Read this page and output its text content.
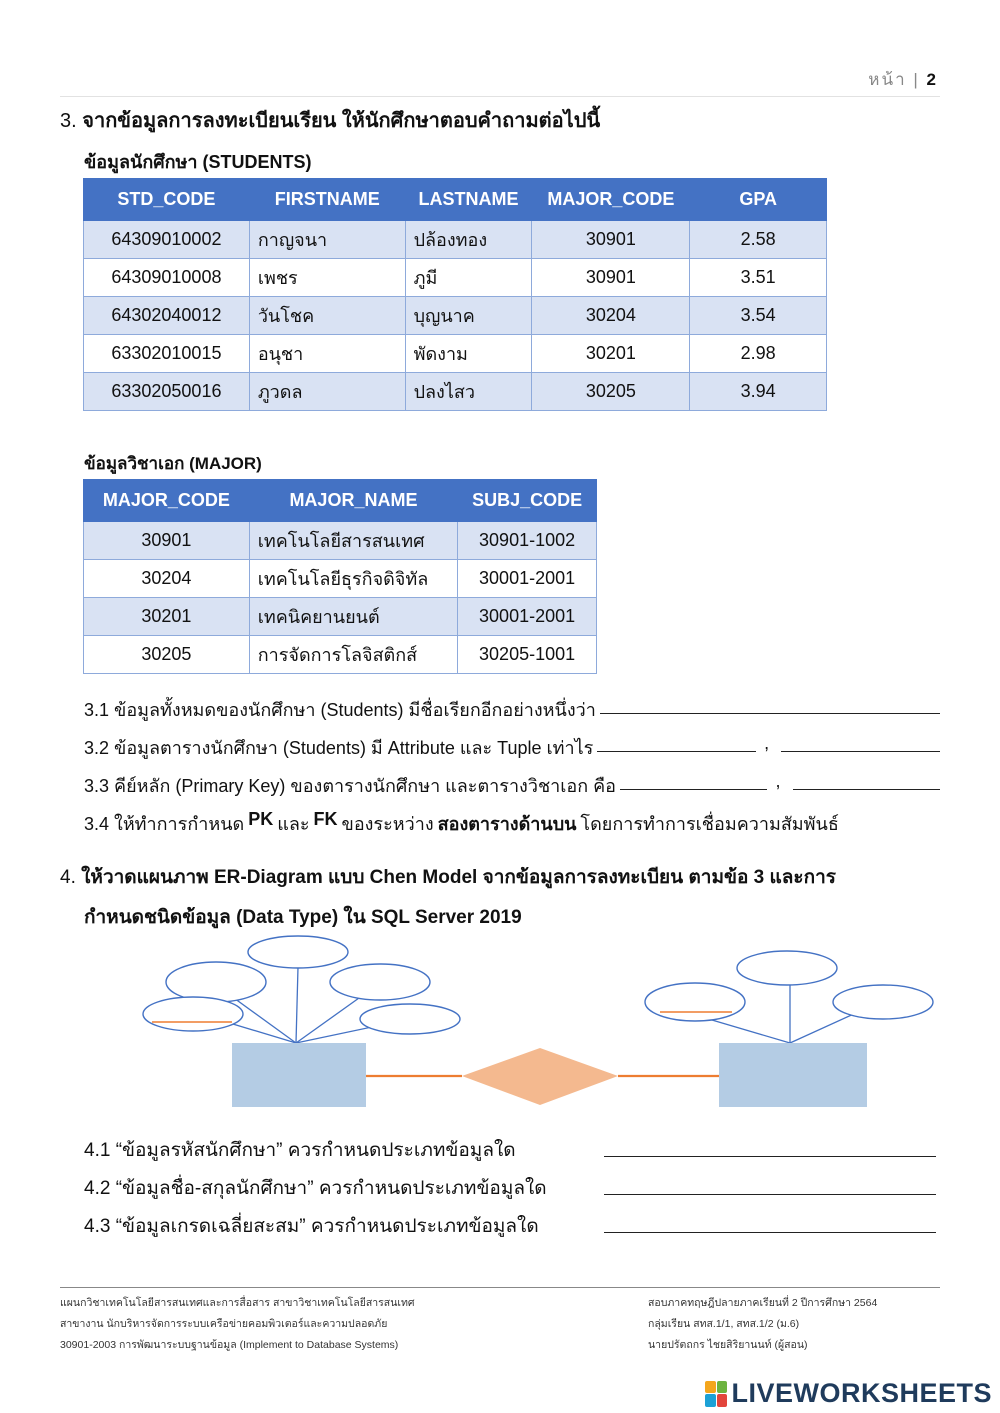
หน้า | 2
3. จากข้อมูลการลงทะเบียนเรียน ให้นักศึกษาตอบคำถามต่อไปนี้
ข้อมูลนักศึกษา (STUDENTS)
STD_CODE	FIRSTNAME	LASTNAME	MAJOR_CODE	GPA
64309010002	กาญจนา	ปล้องทอง	30901	2.58
64309010008	เพชร	ภูมี	30901	3.51
64302040012	วันโชค	บุญนาค	30204	3.54
63302010015	อนุชา	พัดงาม	30201	2.98
63302050016	ภูวดล	ปลงไสว	30205	3.94
ข้อมูลวิชาเอก (MAJOR)
MAJOR_CODE	MAJOR_NAME	SUBJ_CODE
30901	เทคโนโลยีสารสนเทศ	30901-1002
30204	เทคโนโลยีธุรกิจดิจิทัล	30001-2001
30201	เทคนิคยานยนต์	30001-2001
30205	การจัดการโลจิสติกส์	30205-1001
3.1 ข้อมูลทั้งหมดของนักศึกษา (Students) มีชื่อเรียกอีกอย่างหนึ่งว่า
3.2 ข้อมูลตารางนักศึกษา (Students) มี Attribute และ Tuple เท่าไร	,
3.3 คีย์หลัก (Primary Key) ของตารางนักศึกษา และตารางวิชาเอก คือ	,
3.4 ให้ทำการกำหนด PK และ FK ของระหว่าง สองตารางด้านบน โดยการทำการเชื่อมความสัมพันธ์
4. ให้วาดแผนภาพ ER-Diagram แบบ Chen Model จากข้อมูลการลงทะเบียน ตามข้อ 3 และการ
กำหนดชนิดข้อมูล (Data Type) ใน SQL Server 2019
4.1 “ข้อมูลรหัสนักศึกษา” ควรกำหนดประเภทข้อมูลใด
4.2 “ข้อมูลชื่อ-สกุลนักศึกษา” ควรกำหนดประเภทข้อมูลใด
4.3 “ข้อมูลเกรดเฉลี่ยสะสม” ควรกำหนดประเภทข้อมูลใด
แผนกวิชาเทคโนโลยีสารสนเทศและการสื่อสาร สาขาวิชาเทคโนโลยีสารสนเทศ
สาขางาน นักบริหารจัดการระบบเครือข่ายคอมพิวเตอร์และความปลอดภัย
30901-2003 การพัฒนาระบบฐานข้อมูล (Implement to Database Systems)
สอบภาคทฤษฎีปลายภาคเรียนที่ 2 ปีการศึกษา 2564
กลุ่มเรียน สทส.1/1, สทส.1/2 (ม.6)
นายปรัตถกร ไชยสิริยานนท์ (ผู้สอน)
LIVEWORKSHEETS
